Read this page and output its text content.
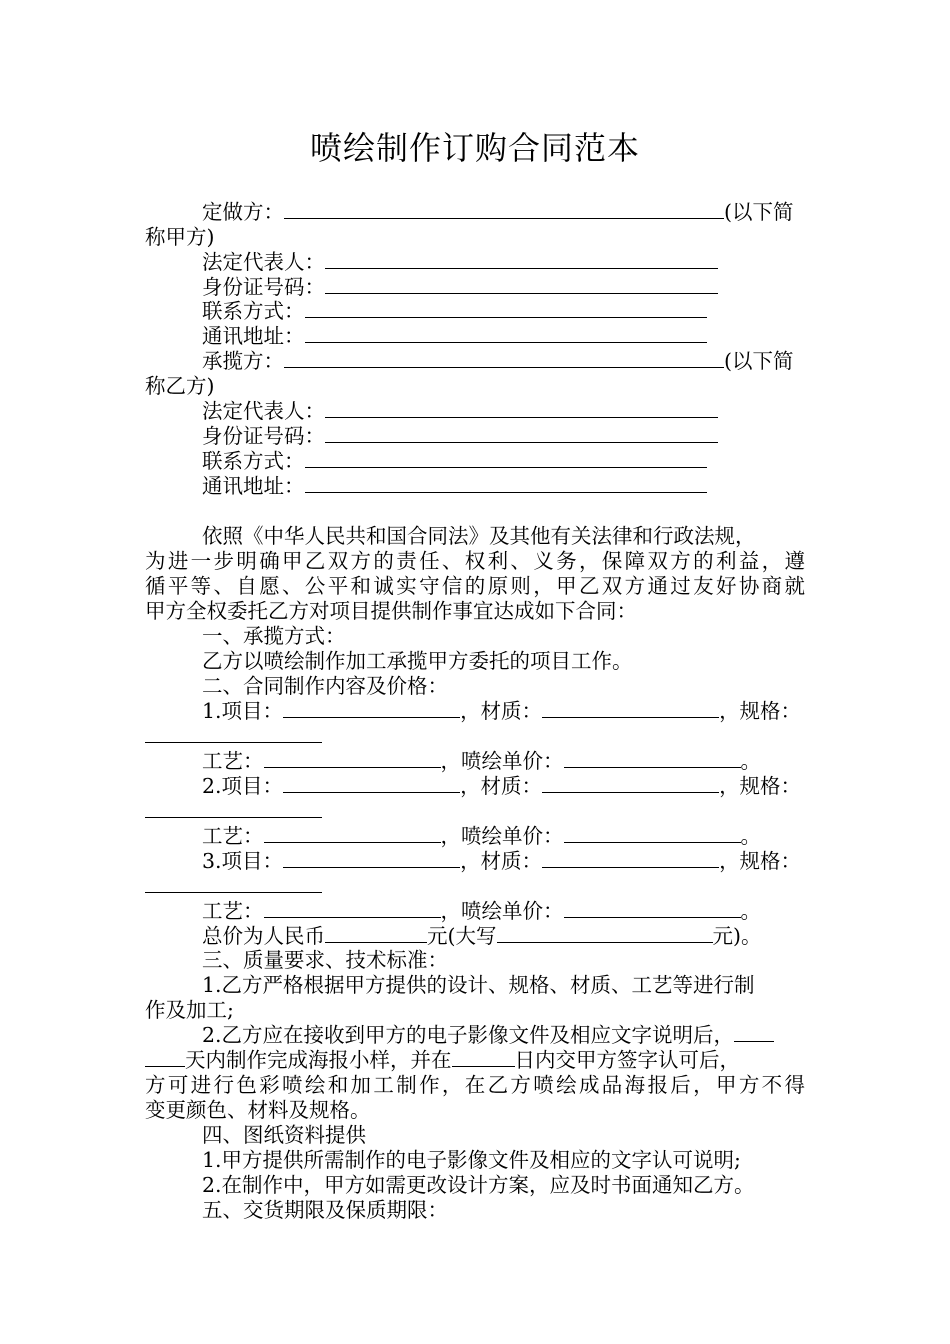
喷绘制作订购合同范本
定做方：	(以下简
称甲方)
法定代表人：
身份证号码：
联系方式：
通讯地址：
承揽方：	(以下简
称乙方)
法定代表人：
身份证号码：
联系方式：
通讯地址：
依照《中华人民共和国合同法》及其他有关法律和行政法规，
为进一步明确甲乙双方的责任、权利、义务，保障双方的利益，遵
循平等、自愿、公平和诚实守信的原则，甲乙双方通过友好协商就
甲方全权委托乙方对项目提供制作事宜达成如下合同：
一、承揽方式：
乙方以喷绘制作加工承揽甲方委托的项目工作。
二、合同制作内容及价格：
1.项目：	，材质：	，规格：
工艺：	，喷绘单价：	。
2.项目：	，材质：	，规格：
工艺：	，喷绘单价：	。
3.项目：	，材质：	，规格：
工艺：	，喷绘单价：	。
总价为人民币	元(大写	元)。
三、质量要求、技术标准：
1.乙方严格根据甲方提供的设计、规格、材质、工艺等进行制
作及加工;
2.乙方应在接收到甲方的电子影像文件及相应文字说明后，
天内制作完成海报小样，并在	日内交甲方签字认可后，
方可进行色彩喷绘和加工制作，在乙方喷绘成品海报后，甲方不得
变更颜色、材料及规格。
四、图纸资料提供
1.甲方提供所需制作的电子影像文件及相应的文字认可说明;
2.在制作中，甲方如需更改设计方案，应及时书面通知乙方。
五、交货期限及保质期限：
